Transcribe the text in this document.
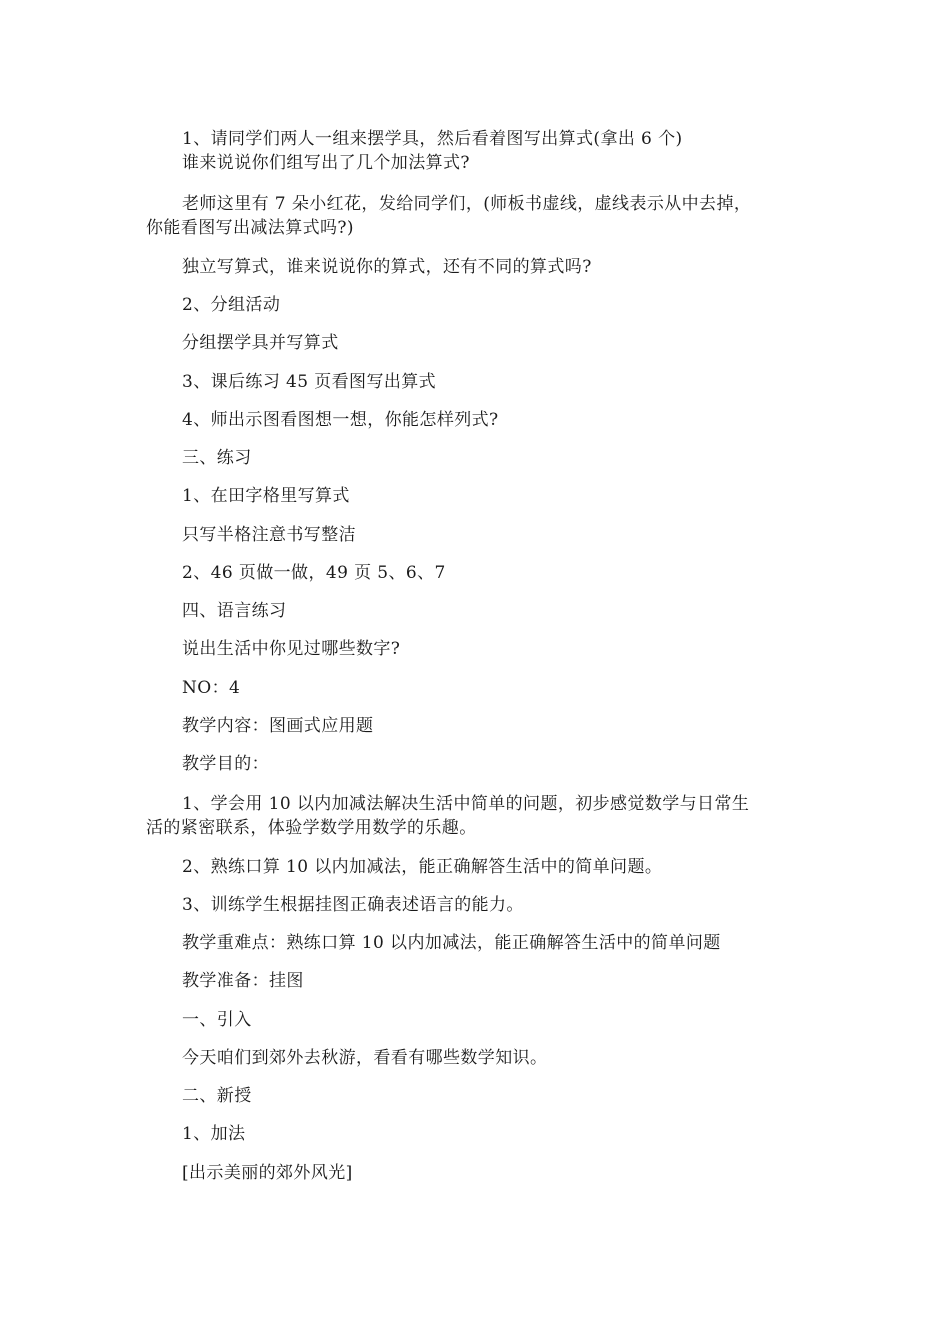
1、请同学们两人一组来摆学具，然后看着图写出算式(拿出 6 个)
谁来说说你们组写出了几个加法算式?
老师这里有 7 朵小红花，发给同学们，(师板书虚线，虚线表示从中去掉，
你能看图写出减法算式吗?)
独立写算式，谁来说说你的算式，还有不同的算式吗?
2、分组活动
分组摆学具并写算式
3、课后练习 45 页看图写出算式
4、师出示图看图想一想，你能怎样列式?
三、练习
1、在田字格里写算式
只写半格注意书写整洁
2、46 页做一做，49 页 5、6、7
四、语言练习
说出生活中你见过哪些数字?
NO：4
教学内容：图画式应用题
教学目的：
1、学会用 10 以内加减法解决生活中简单的问题，初步感觉数学与日常生
活的紧密联系，体验学数学用数学的乐趣。
2、熟练口算 10 以内加减法，能正确解答生活中的简单问题。
3、训练学生根据挂图正确表述语言的能力。
教学重难点：熟练口算 10 以内加减法，能正确解答生活中的简单问题
教学准备：挂图
一、引入
今天咱们到郊外去秋游，看看有哪些数学知识。
二、新授
1、加法
[出示美丽的郊外风光]
